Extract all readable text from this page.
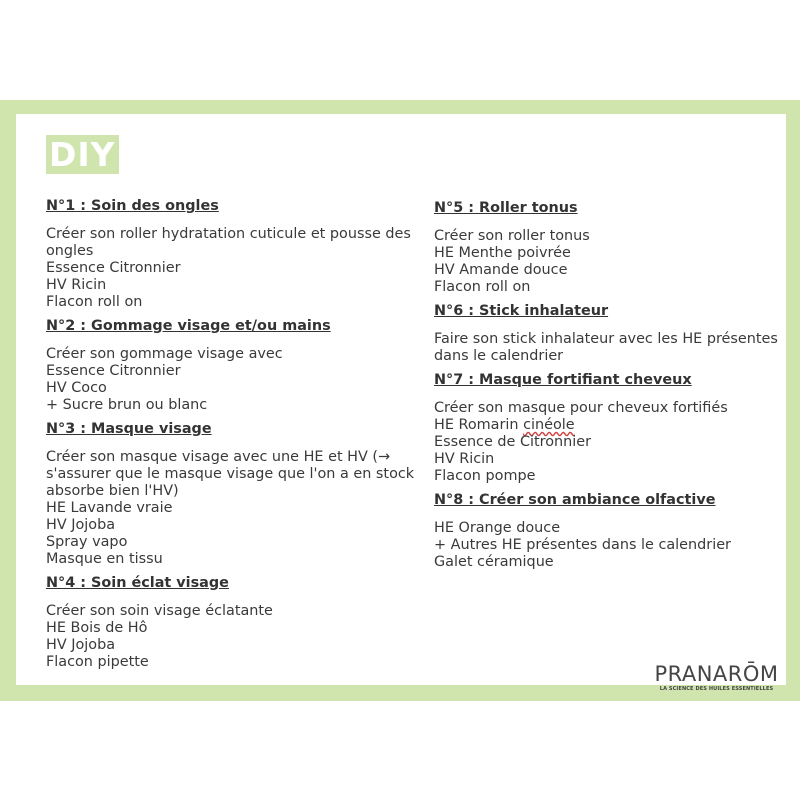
DIY
N°1 : Soin des ongles
Créer son roller hydratation cuticule et pousse des ongles
Essence Citronnier
HV Ricin
Flacon roll on
N°2 : Gommage visage et/ou mains
Créer son gommage visage avec
Essence Citronnier
HV Coco
+ Sucre brun ou blanc
N°3 : Masque visage
Créer son masque visage avec une HE et HV (→ s'assurer que le masque visage que l'on a en stock absorbe bien l'HV)
HE Lavande vraie
HV Jojoba
Spray vapo
Masque en tissu
N°4 : Soin éclat visage
Créer son soin visage éclatante
HE Bois de Hô
HV Jojoba
Flacon pipette
N°5 : Roller tonus
Créer son roller tonus
HE Menthe poivrée
HV Amande douce
Flacon roll on
N°6 : Stick inhalateur
Faire son stick inhalateur avec les HE présentes dans le calendrier
N°7 : Masque fortifiant cheveux
Créer son masque pour cheveux fortifiés
HE Romarin cinéole
Essence de Citronnier
HV Ricin
Flacon pompe
N°8 : Créer son ambiance olfactive
HE Orange douce
+ Autres HE présentes dans le calendrier
Galet céramique
PRANARŌM
LA SCIENCE DES HUILES ESSENTIELLES
